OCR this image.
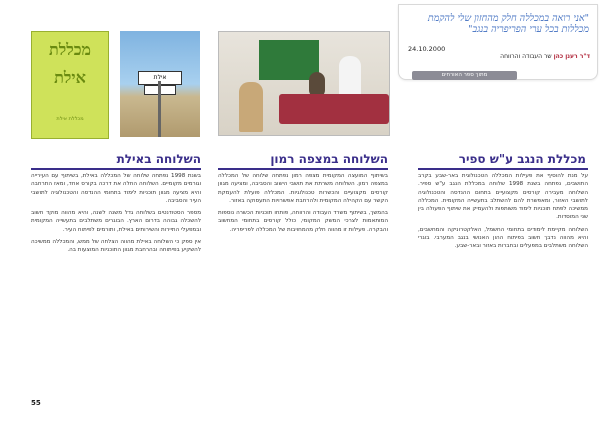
"אני רואה במכללה חלק מהחזון שלי להקמת מכללות בכל ערי הפריפריה בנגב"
24.10.2000
ד"ר רענן כהן שר העבודה והרווחה
מתוך ספר האורחים
מכללת
אילת
מכללת אילת
אילת
מכללת הנגב ע"ש ספיר

על מנת להוסיף את פעילות המכללה הטכנולוגית באר-שבע בקרב התושבים, נפתחה בשנת 1998 שלוחה במכללת הנגב ע"ש ספיר. השלוחה מעבירה קורסים מקצועיים בתחום ההנדסה והטכנולוגיה לתושבי האזור, ומאפשרת להם להשתלב בתעשייה המקומית. המכללה ממשיכה לפתח תוכניות לימוד משותפות ולהעמיק את שיתוף הפעולה בין שני המוסדות.

השלוחה מקיימת לימודים בתחומי החשמל, האלקטרוניקה והמחשבים, והיא מהווה נדבך חשוב בפיתוח ההון האנושי בנגב המערבי. בוגרי השלוחה משתלבים במפעלים ובחברות באזור ובאר-שבע.

השלוחה במצפה רמון

בשיתוף המועצה המקומית מצפה רמון נפתחה שלוחה של המכללה במצפה רמון. השלוחה משרתת את תושבי הישוב והסביבה, ומציעה מגוון קורסים מקצועיים והכשרות טכנולוגיות. המכללה פועלת להעמקת הקשר עם הקהילה המקומית ולהרחבת אפשרויות התעסוקה באזור.

בהמשך, בשיתוף משרד העבודה והרווחה, פותחו תוכניות הכשרה נוספות המותאמות לצרכי המשק המקומי, כולל קורסים בתחומי המחשוב והבקרה. פעילות זו מהווה חלק מהמחויבות של המכללה לפריפריה.

השלוחה באילת

בשנת 1998 נפתחה שלוחה של המכללה באילת, בשיתוף עם העירייה וגורמים מקומיים. השלוחה החלה את דרכה בקורס אחד, ומאז התרחבה והיא מציעה מגוון תוכניות לימוד בתחומי ההנדסה והטכנולוגיה לתושבי העיר והסביבה.

מספר הסטודנטים בשלוחה גדל משנה לשנה, והיא מהווה מוקד חשוב להשכלה גבוהה בדרום הארץ. הבוגרים משתלבים בתעשייה המקומית ובמפעלי התיירות והשירותים באילת, ותורמים לפיתוח העיר.

אין ספק כי השלוחה באילת מהווה הצלחה של ממש, והמכללה ממשיכה להשקיע בפיתוחה ובהרחבת מגוון התוכניות המוצעות בה.

55
